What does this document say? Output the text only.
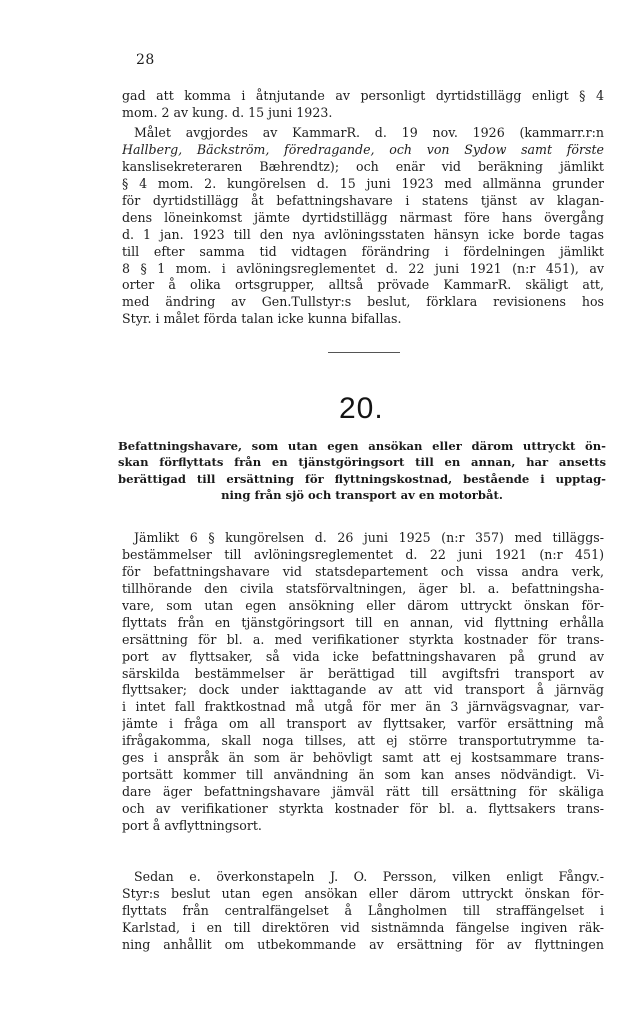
28
gad att komma i åtnjutande av personligt dyrtidstillägg enligt § 4
mom. 2 av kung. d. 15 juni 1923.
Målet avgjordes av KammarR. d. 19 nov. 1926 (kammarr.r:n
Hallberg, Bäckström, föredragande, och von Sydow samt förste
kanslisekreteraren Bæhrendtz); och enär vid beräkning jämlikt
§ 4 mom. 2. kungörelsen d. 15 juni 1923 med allmänna grunder
för dyrtidstillägg åt befattningshavare i statens tjänst av klagan-
dens löneinkomst jämte dyrtidstillägg närmast före hans övergång
d. 1 jan. 1923 till den nya avlöningsstaten hänsyn icke borde tagas
till efter samma tid vidtagen förändring i fördelningen jämlikt
8 § 1 mom. i avlöningsreglementet d. 22 juni 1921 (n:r 451), av
orter å olika ortsgrupper, alltså prövade KammarR. skäligt att,
med ändring av Gen.Tullstyr:s beslut, förklara revisionens hos
Styr. i målet förda talan icke kunna bifallas.
20.
Befattningshavare, som utan egen ansökan eller därom uttryckt ön-
skan förflyttats från en tjänstgöringsort till en annan, har ansetts
berättigad till ersättning för flyttningskostnad, bestående i upptag-
ning från sjö och transport av en motorbåt.
Jämlikt 6 § kungörelsen d. 26 juni 1925 (n:r 357) med tilläggs-
bestämmelser till avlöningsreglementet d. 22 juni 1921 (n:r 451)
för befattningshavare vid statsdepartement och vissa andra verk,
tillhörande den civila statsförvaltningen, äger bl. a. befattningsha-
vare, som utan egen ansökning eller därom uttryckt önskan för-
flyttats från en tjänstgöringsort till en annan, vid flyttning erhålla
ersättning för bl. a. med verifikationer styrkta kostnader för trans-
port av flyttsaker, så vida icke befattningshavaren på grund av
särskilda bestämmelser är berättigad till avgiftsfri transport av
flyttsaker; dock under iakttagande av att vid transport å järnväg
i intet fall fraktkostnad må utgå för mer än 3 järnvägsvagnar, var-
jämte i fråga om all transport av flyttsaker, varför ersättning må
ifrågakomma, skall noga tillses, att ej större transportutrymme ta-
ges i anspråk än som är behövligt samt att ej kostsammare trans-
portsätt kommer till användning än som kan anses nödvändigt. Vi-
dare äger befattningshavare jämväl rätt till ersättning för skäliga
och av verifikationer styrkta kostnader för bl. a. flyttsakers trans-
port å avflyttningsort.
Sedan e. överkonstapeln J. O. Persson, vilken enligt Fångv.-
Styr:s beslut utan egen ansökan eller därom uttryckt önskan för-
flyttats från centralfängelset å Långholmen till straffängelset i
Karlstad, i en till direktören vid sistnämnda fängelse ingiven räk-
ning anhållit om utbekommande av ersättning för av flyttningen
